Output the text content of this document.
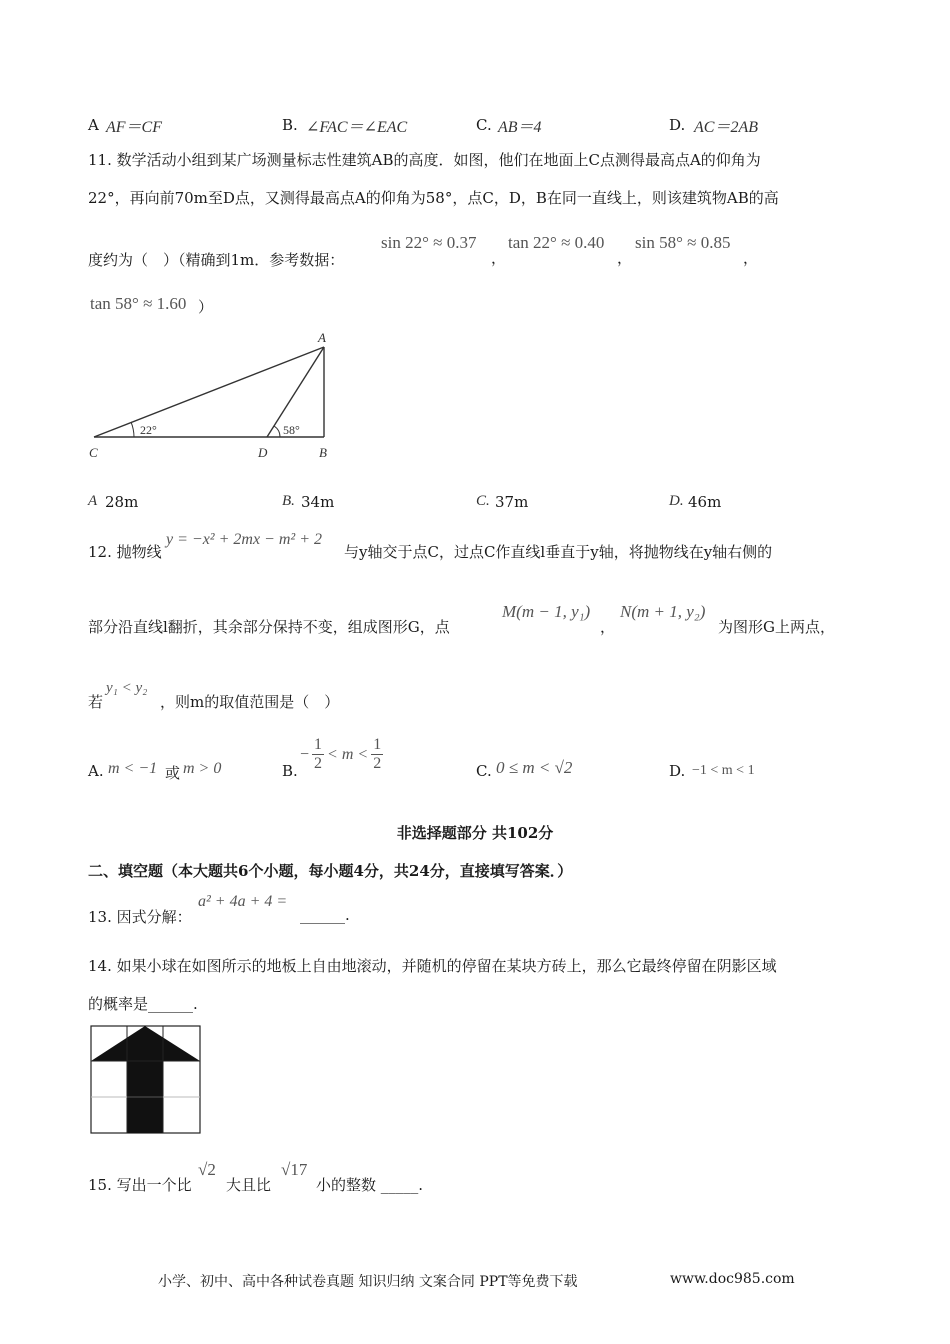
A AF＝CF	B. ∠FAC＝∠EAC	C. AB＝4	D. AC＝2AB
11. 数学活动小组到某广场测量标志性建筑AB的高度．如图，他们在地面上C点测得最高点A的仰角为
22°，再向前70m至D点，又测得最高点A的仰角为58°，点C，D，B在同一直线上，则该建筑物AB的高
度约为（　）（精确到1m．参考数据：
sin 22° ≈ 0.37
，
tan 22° ≈ 0.40
，
sin 58° ≈ 0.85
，
tan 58° ≈ 1.60 ）
A
B
C	D
22°	58°
A 28m	B. 34m	C. 37m	D. 46m
12. 抛物线
y = −x² + 2mx − m² + 2
与y轴交于点C，过点C作直线l垂直于y轴，将抛物线在y轴右侧的
部分沿直线l翻折，其余部分保持不变，组成图形G，点
M(m − 1, y₁)
，
N(m + 1, y₂)
为图形G上两点，
若
y₁ < y₂
，则m的取值范围是（　）
A. m < −1 或 m > 0	B.
− $\frac{1}{2} < m < \frac{1}{2}$	C. 0 ≤ m < √2	D. −1 < m < 1
非选择题部分 共102分
二、填空题（本大题共6个小题，每小题4分，共24分，直接填写答案．）
13. 因式分解：
a² + 4a + 4 =
______.
14. 如果小球在如图所示的地板上自由地滚动，并随机的停留在某块方砖上，那么它最终停留在阴影区域
的概率是______.
15. 写出一个比
√2
大且比
√17
小的整数 _____.
小学、初中、高中各种试卷真题 知识归纳 文案合同 PPT等免费下载	www.doc985.com
